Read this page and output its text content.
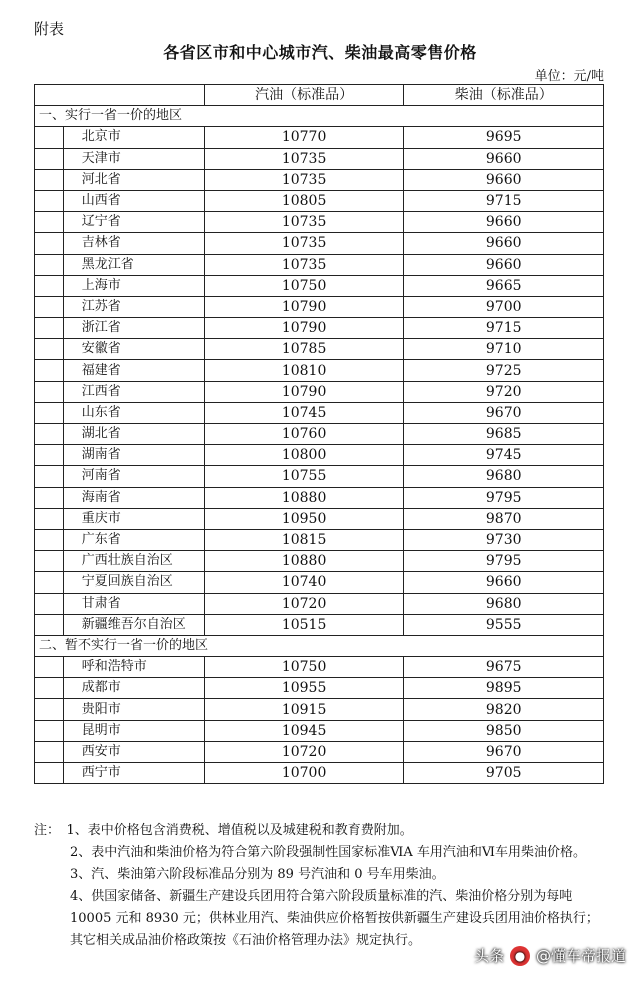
附表
各省区市和中心城市汽、柴油最高零售价格
单位：元/吨
		汽油（标准品）	柴油（标准品）
一、实行一省一价的地区			
	北京市	10770	9695
	天津市	10735	9660
	河北省	10735	9660
	山西省	10805	9715
	辽宁省	10735	9660
	吉林省	10735	9660
	黑龙江省	10735	9660
	上海市	10750	9665
	江苏省	10790	9700
	浙江省	10790	9715
	安徽省	10785	9710
	福建省	10810	9725
	江西省	10790	9720
	山东省	10745	9670
	湖北省	10760	9685
	湖南省	10800	9745
	河南省	10755	9680
	海南省	10880	9795
	重庆市	10950	9870
	广东省	10815	9730
	广西壮族自治区	10880	9795
	宁夏回族自治区	10740	9660
	甘肃省	10720	9680
	新疆维吾尔自治区	10515	9555
二、暂不实行一省一价的地区			
	呼和浩特市	10750	9675
	成都市	10955	9895
	贵阳市	10915	9820
	昆明市	10945	9850
	西安市	10720	9670
	西宁市	10700	9705

注：　1、表中价格包含消费税、增值税以及城建税和教育费附加。

2、表中汽油和柴油价格为符合第六阶段强制性国家标准ⅥA 车用汽油和Ⅵ车用柴油价格。

3、汽、柴油第六阶段标准品分别为 89 号汽油和 0 号车用柴油。

4、供国家储备、新疆生产建设兵团用符合第六阶段质量标准的汽、柴油价格分别为每吨 10005 元和 8930 元；供林业用汽、柴油供应价格暂按供新疆生产建设兵团用油价格执行；其它相关成品油价格政策按《石油价格管理办法》规定执行。

头条 ● @懂车帝报道
